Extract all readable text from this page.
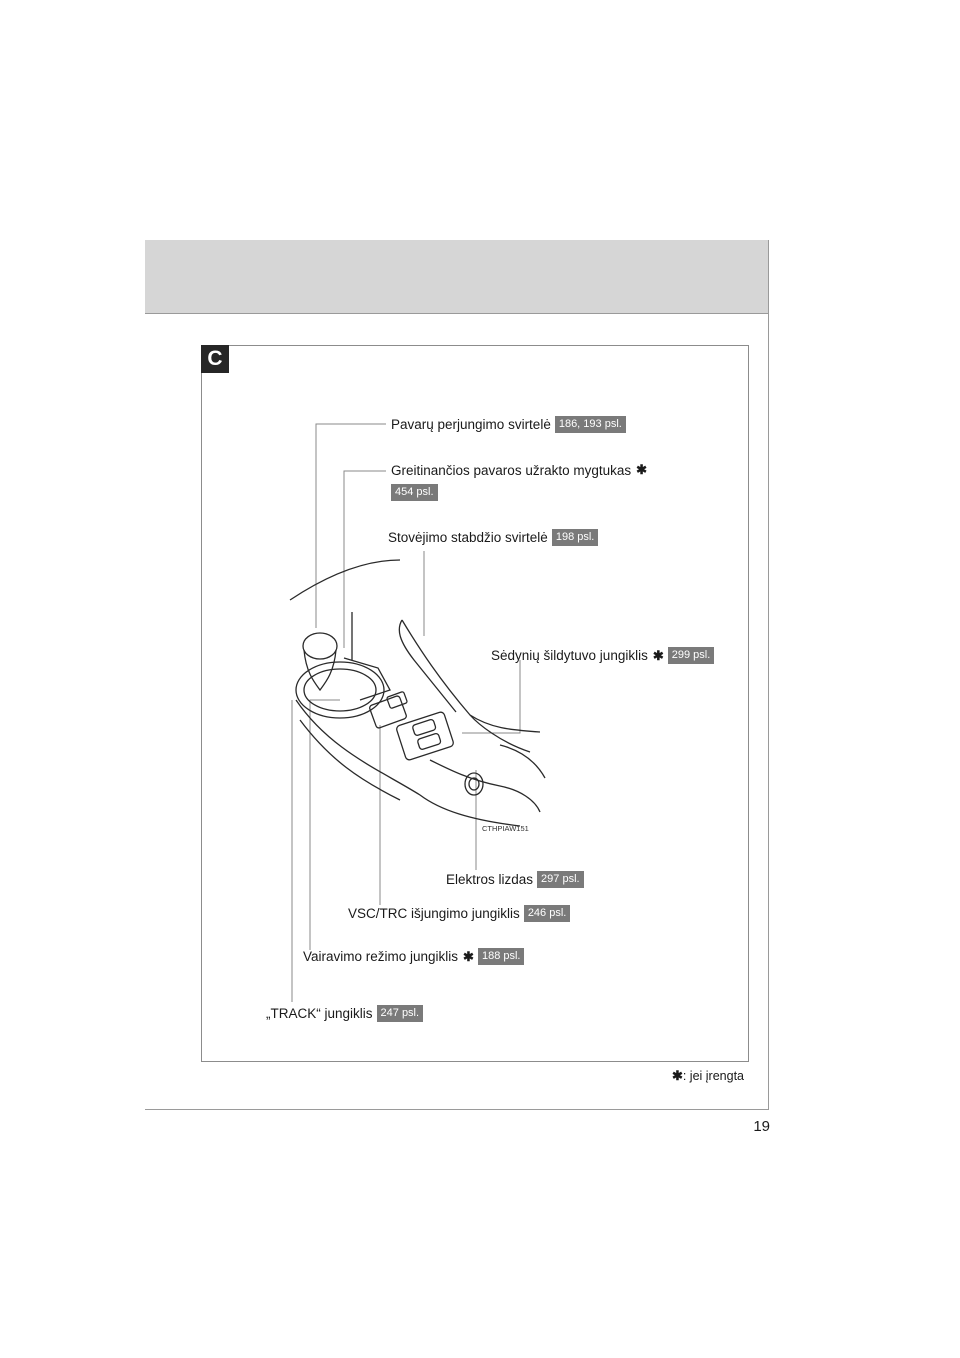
C
Pavarų perjungimo svirtelė 186, 193 psl.
Greitinančios pavaros užrakto mygtukas ✱
454 psl.
Stovėjimo stabdžio svirtelė 198 psl.
Sėdynių šildytuvo jungiklis ✱ 299 psl.
CTHPIAW151
Elektros lizdas 297 psl.
VSC/TRC išjungimo jungiklis 246 psl.
Vairavimo režimo jungiklis ✱ 188 psl.
„TRACK“ jungiklis 247 psl.
✱: jei įrengta
19
